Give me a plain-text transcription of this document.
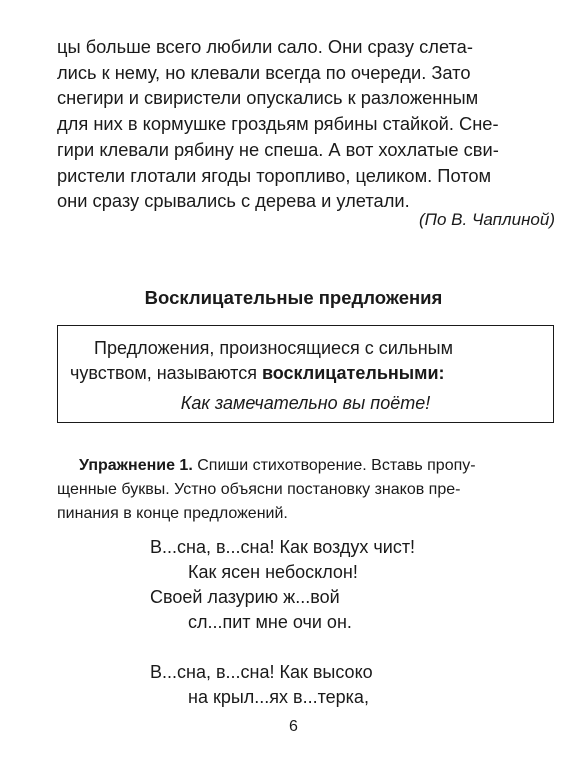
цы больше всего любили сало. Они сразу слета-
лись к нему, но клевали всегда по очереди. Зато
снегири и свиристели опускались к разложенным
для них в кормушке гроздьям рябины стайкой. Сне-
гири клевали рябину не спеша. А вот хохлатые сви-
ристели глотали ягоды торопливо, целиком. Потом
они сразу срывались с дерева и улетали.
(По В. Чаплиной)
Восклицательные предложения
Предложения, произносящиеся с сильным
чувством, называются восклицательными:
Как замечательно вы поёте!
Упражнение 1. Спиши стихотворение. Вставь пропу-
щенные буквы. Устно объясни постановку знаков пре-
пинания в конце предложений.
В...сна, в...сна! Как воздух чист!
Как ясен небосклон!
Своей лазурию ж...вой
сл...пит мне очи он.
В...сна, в...сна! Как высоко
на крыл...ях в...терка,
6
